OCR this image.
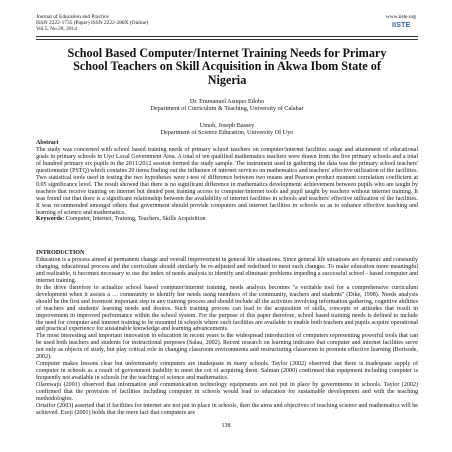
Journal of Education and Practice
ISSN 2222-1735 (Paper) ISSN 2222-288X (Online)
Vol.5, No.20, 2014
www.iiste.org
IISTE
School Based Computer/Internet Training Needs for Primary School Teachers on Skill Acquisition in Akwa Ibom State of Nigeria
Dr. Emmanuel Asuquo Edoho
Department of Curriculum & Teaching, University of Calabar
Umoh, Joseph Bassey
Department of Science Education, University Of Uyo

Abstract

The study was concerned with school based training needs of primary school teachers on computer/internet facilities usage and attainment of educational goals in primary schools in Uyo Local Government Area. A total of ten qualified mathematics teachers were drawn from the five primary schools and a total of hundred primary six pupils in the 2011/2012 session formed the study sample. The instrument used in gathering the data was the primary school teachers' questionnaire (PSTQ) which contains 20 items finding out the influence of internet services on mathematics and teachers' effective utilization of the facilities. Two statistical tools used in testing the two hypotheses were t-test of difference between two means and Pearson product moment correlation coefficient at 0.05 significance level. The result showed that there is no significant difference in mathematics development/ achievement between pupils who are taught by teachers that receive training on internet but denied post training access to computer/internet tools and pupil taught by teachers without internet training. It was found out that there is a significant relationship between the availability of internet facilities in schools and teachers' effective utilization of the facilities. It was recommended amongst others that government should provide computers and internet facilities in schools so as to enhance effective teaching and learning of science and mathematics.

Keywords: Computer, Internet, Training, Teachers, Skills Acquisition

INTRODUCTION

Education is a process aimed at permanent change and overall improvement in general life situations. Since general life situations are dynamic and constantly changing, educational process and the curriculum should similarly be re-adjusted and redefined to meet such changes. To make education more meaningful and realizable, it becomes necessary to use the index of needs analysis to identify and eliminate problems impeding a successful school - based computer and internet training.

In the drive therefore to actualize school based computer/internet training, needs analysis becomes "a veritable tool for a comprehensive curriculum development when it assists a … community to identify her needs using members of the community, teachers and students" (Dike, 1998). Needs analysis should be the first and foremost important step in any training process and should include all the activities involving information gathering, cognitive abilities of teachers and students' learning needs and desires. Such training process can lead to the acquisition of skills, concepts or attitudes that result in improvement in improved performance within the school system. For the purpose of this paper therefore, school based training needs is defined to include the need for computer and internet training to be mounted in schools where such facilities are available to enable both teachers and pupils acquire operational and practical experience for sustainable knowledge and learning advancements.

The most interesting and important innovation in education in recent years is the widespread introduction of computers representing powerful tools that can be used both teachers and students for instructional purposes (Salau, 2002). Recent research on learning indicates that computer and internet facilities serve not only as objects of study, but play critical role in changing classroom environments and restructuring classroom to promote effective learning (Borisode, 2002).

Computer makes lessons clear but unfortunately computers are inadequate in many schools. Taylor (2002) observed that there is inadequate supply of computer in schools as a result of government inability to meet the cot of acquiring them. Salman (2000) confirmed that equipment including computer is frequently not available in schools for the teaching of science and mathematics.

Olarewaju (2001) observed that information and communication technology equipments are not put in place by governments in schools. Taylor (2002) confirmed that the provision of facilities including computer in schools would lead to education for sustainable development and with the teaching methodologies.

Oriaifor (2003) asserted that if facilities for internet are not put in place in schools, then the aims and objectives of teaching science and mathematics will be achieved. Ezeji (2001) holds that the mere fact that computers are

138
